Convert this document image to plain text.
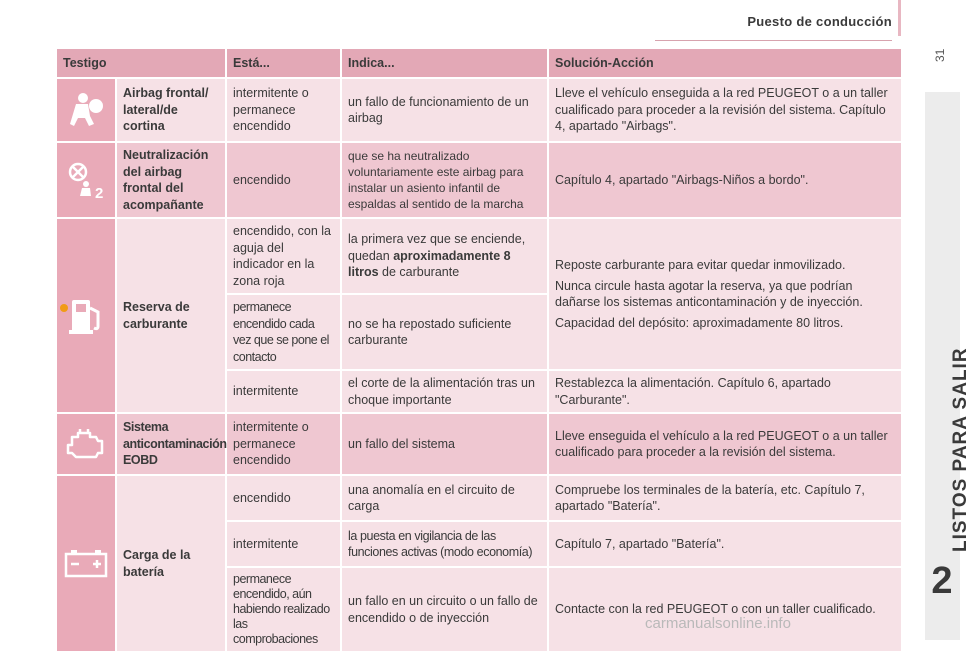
Puesto de conducción
31
LISTOS PARA SALIR
2
Testigo		Está...	Indica...	Solución-Acción

	Airbag frontal/ lateral/de cortina	intermitente o permanece encendido	un fallo de funcionamiento de un airbag	Lleve el vehículo enseguida a la red PEUGEOT o a un taller cualificado para proceder a la revisión del sistema. Capítulo 4, apartado "Airbags".

2	Neutralización del airbag frontal del acompañante	encendido	que se ha neutralizado voluntariamente este airbag para instalar un asiento infantil de espaldas al sentido de la marcha	Capítulo 4, apartado "Airbags-Niños a bordo".

	Reserva de carburante	encendido, con la aguja del indicador en la zona roja	la primera vez que se enciende, quedan aproximadamente 8 litros de carburante	Reposte carburante para evitar quedar inmovilizado.
Nunca circule hasta agotar la reserva, ya que podrían dañarse los sistemas anticontaminación y de inyección.
Capacidad del depósito: aproximadamente 80 litros.

		permanece encendido cada vez que se pone el contacto	no se ha repostado suficiente carburante	
		intermitente	el corte de la alimentación tras un choque importante	Restablezca la alimentación. Capítulo 6, apartado "Carburante".

	Sistema anticontaminación EOBD	intermitente o permanece encendido	un fallo del sistema	Lleve enseguida el vehículo a la red PEUGEOT o a un taller cualificado para proceder a la revisión del sistema.

	Carga de la batería	encendido	una anomalía en el circuito de carga	Compruebe los terminales de la batería, etc. Capítulo 7, apartado "Batería".
		intermitente	la puesta en vigilancia de las funciones activas (modo economía)	Capítulo 7, apartado "Batería".
		permanece encendido, aún habiendo realizado las comprobaciones	un fallo en un circuito o un fallo de encendido o de inyección	Contacte con la red PEUGEOT o con un taller cualificado.
carmanualsonline.info
